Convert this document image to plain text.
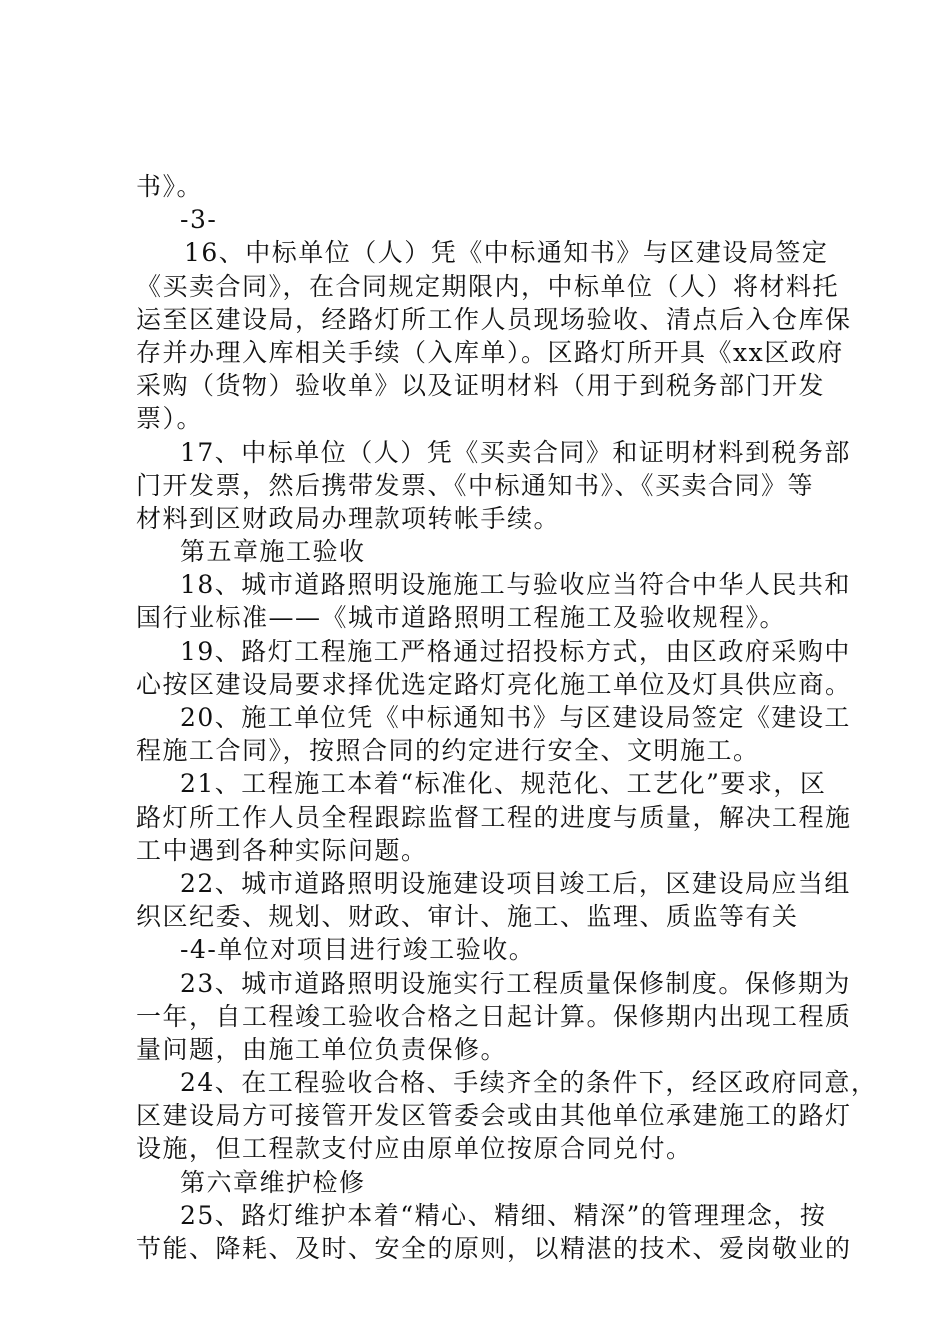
书》。
-3-
16、中标单位（人）凭《中标通知书》与区建设局签定
《买卖合同》，在合同规定期限内，中标单位（人）将材料托
运至区建设局，经路灯所工作人员现场验收、清点后入仓库保
存并办理入库相关手续（入库单）。区路灯所开具《xx区政府
采购（货物）验收单》以及证明材料（用于到税务部门开发
票）。
17、中标单位（人）凭《买卖合同》和证明材料到税务部
门开发票，然后携带发票、《中标通知书》、《买卖合同》等
材料到区财政局办理款项转帐手续。
第五章施工验收
18、城市道路照明设施施工与验收应当符合中华人民共和
国行业标准——《城市道路照明工程施工及验收规程》。
19、路灯工程施工严格通过招投标方式，由区政府采购中
心按区建设局要求择优选定路灯亮化施工单位及灯具供应商。
20、施工单位凭《中标通知书》与区建设局签定《建设工
程施工合同》，按照合同的约定进行安全、文明施工。
21、工程施工本着“标准化、规范化、工艺化”要求，区
路灯所工作人员全程跟踪监督工程的进度与质量，解决工程施
工中遇到各种实际问题。
22、城市道路照明设施建设项目竣工后，区建设局应当组
织区纪委、规划、财政、审计、施工、监理、质监等有关
-4-单位对项目进行竣工验收。
23、城市道路照明设施实行工程质量保修制度。保修期为
一年，自工程竣工验收合格之日起计算。保修期内出现工程质
量问题，由施工单位负责保修。
24、在工程验收合格、手续齐全的条件下，经区政府同意，
区建设局方可接管开发区管委会或由其他单位承建施工的路灯
设施，但工程款支付应由原单位按原合同兑付。
第六章维护检修
25、路灯维护本着“精心、精细、精深”的管理理念，按
节能、降耗、及时、安全的原则，以精湛的技术、爱岗敬业的
